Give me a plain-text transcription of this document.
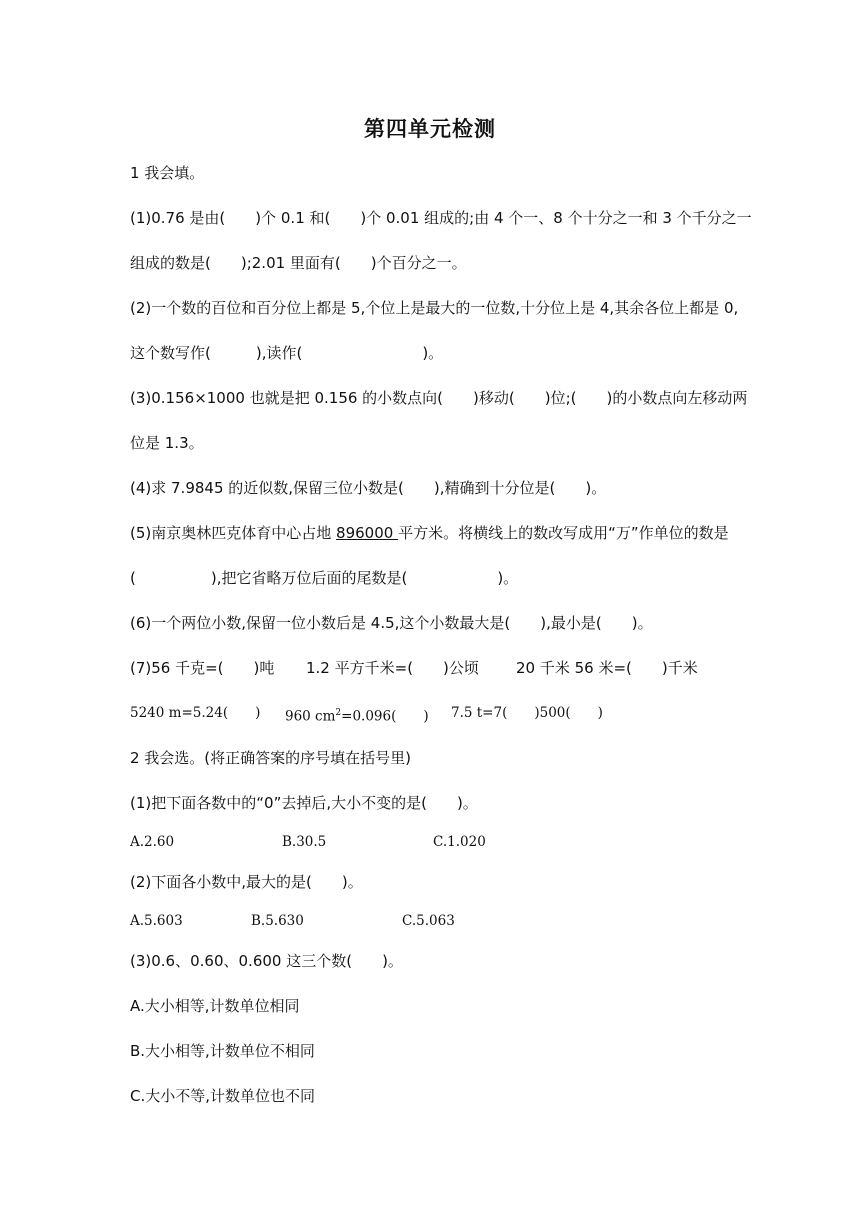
第四单元检测
1 我会填。
(1)0.76 是由(　　)个 0.1 和(　　)个 0.01 组成的;由 4 个一、8 个十分之一和 3 个千分之一
组成的数是(　　);2.01 里面有(　　)个百分之一。
(2)一个数的百位和百分位上都是 5,个位上是最大的一位数,十分位上是 4,其余各位上都是 0,
这个数写作(　　　),读作(　　　　　　　　)。
(3)0.156×1000 也就是把 0.156 的小数点向(　　)移动(　　)位;(　　)的小数点向左移动两
位是 1.3。
(4)求 7.9845 的近似数,保留三位小数是(　　),精确到十分位是(　　)。
(5)南京奥林匹克体育中心占地 896000 平方米。将横线上的数改写成用“万”作单位的数是
(　　　　　),把它省略万位后面的尾数是(　　　　　　)。
(6)一个两位小数,保留一位小数后是 4.5,这个小数最大是(　　),最小是(　　)。
(7)56 千克=(　　)吨 1.2 平方千米=(　　)公顷 20 千米 56 米=(　　)千米
5240 m=5.24(　　) 960 $cm^2=0.096$(　　) 7.5 t=7(　　)500(　　)
2 我会选。(将正确答案的序号填在括号里)
(1)把下面各数中的“0”去掉后,大小不变的是(　　)。
A.2.60	B.30.5	C.1.020
(2)下面各小数中,最大的是(　　)。
A.5.603	B.5.630	C.5.063
(3)0.6、0.60、0.600 这三个数(　　)。
A.大小相等,计数单位相同
B.大小相等,计数单位不相同
C.大小不等,计数单位也不同
